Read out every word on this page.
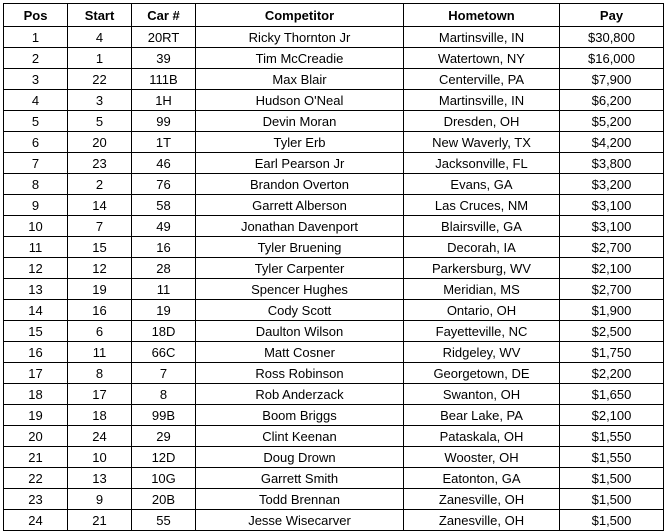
Pos	Start	Car #	Competitor	Hometown	Pay
1	4	20RT	Ricky Thornton Jr	Martinsville, IN	$30,800
2	1	39	Tim McCreadie	Watertown, NY	$16,000
3	22	111B	Max Blair	Centerville, PA	$7,900
4	3	1H	Hudson O'Neal	Martinsville, IN	$6,200
5	5	99	Devin Moran	Dresden, OH	$5,200
6	20	1T	Tyler Erb	New Waverly, TX	$4,200
7	23	46	Earl Pearson Jr	Jacksonville, FL	$3,800
8	2	76	Brandon Overton	Evans, GA	$3,200
9	14	58	Garrett Alberson	Las Cruces, NM	$3,100
10	7	49	Jonathan Davenport	Blairsville, GA	$3,100
11	15	16	Tyler Bruening	Decorah, IA	$2,700
12	12	28	Tyler Carpenter	Parkersburg, WV	$2,100
13	19	11	Spencer Hughes	Meridian, MS	$2,700
14	16	19	Cody Scott	Ontario, OH	$1,900
15	6	18D	Daulton Wilson	Fayetteville, NC	$2,500
16	11	66C	Matt Cosner	Ridgeley, WV	$1,750
17	8	7	Ross Robinson	Georgetown, DE	$2,200
18	17	8	Rob Anderzack	Swanton, OH	$1,650
19	18	99B	Boom Briggs	Bear Lake, PA	$2,100
20	24	29	Clint Keenan	Pataskala, OH	$1,550
21	10	12D	Doug Drown	Wooster, OH	$1,550
22	13	10G	Garrett Smith	Eatonton, GA	$1,500
23	9	20B	Todd Brennan	Zanesville, OH	$1,500
24	21	55	Jesse Wisecarver	Zanesville, OH	$1,500
